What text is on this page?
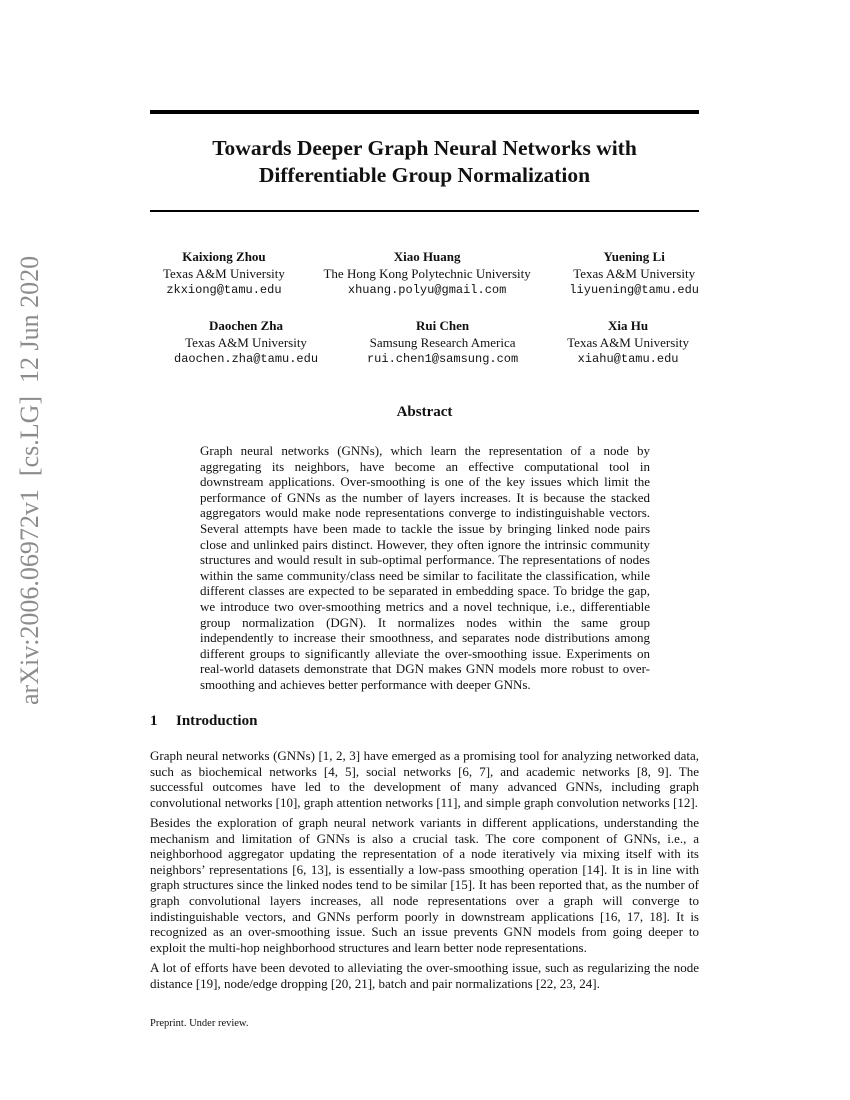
arXiv:2006.06972v1  [cs.LG]  12 Jun 2020
Towards Deeper Graph Neural Networks with
Differentiable Group Normalization
Kaixiong Zhou
Texas A&M University
zkxiong@tamu.edu
Xiao Huang
The Hong Kong Polytechnic University
xhuang.polyu@gmail.com
Yuening Li
Texas A&M University
liyuening@tamu.edu
Daochen Zha
Texas A&M University
daochen.zha@tamu.edu
Rui Chen
Samsung Research America
rui.chen1@samsung.com
Xia Hu
Texas A&M University
xiahu@tamu.edu
Abstract
Graph neural networks (GNNs), which learn the representation of a node by aggregating its neighbors, have become an effective computational tool in downstream applications. Over-smoothing is one of the key issues which limit the performance of GNNs as the number of layers increases. It is because the stacked aggregators would make node representations converge to indistinguishable vectors. Several attempts have been made to tackle the issue by bringing linked node pairs close and unlinked pairs distinct. However, they often ignore the intrinsic community structures and would result in sub-optimal performance. The representations of nodes within the same community/class need be similar to facilitate the classification, while different classes are expected to be separated in embedding space. To bridge the gap, we introduce two over-smoothing metrics and a novel technique, i.e., differentiable group normalization (DGN). It normalizes nodes within the same group independently to increase their smoothness, and separates node distributions among different groups to significantly alleviate the over-smoothing issue. Experiments on real-world datasets demonstrate that DGN makes GNN models more robust to over-smoothing and achieves better performance with deeper GNNs.
1 Introduction

Graph neural networks (GNNs) [1, 2, 3] have emerged as a promising tool for analyzing networked data, such as biochemical networks [4, 5], social networks [6, 7], and academic networks [8, 9]. The successful outcomes have led to the development of many advanced GNNs, including graph convolutional networks [10], graph attention networks [11], and simple graph convolution networks [12].

Besides the exploration of graph neural network variants in different applications, understanding the mechanism and limitation of GNNs is also a crucial task. The core component of GNNs, i.e., a neighborhood aggregator updating the representation of a node iteratively via mixing itself with its neighbors’ representations [6, 13], is essentially a low-pass smoothing operation [14]. It is in line with graph structures since the linked nodes tend to be similar [15]. It has been reported that, as the number of graph convolutional layers increases, all node representations over a graph will converge to indistinguishable vectors, and GNNs perform poorly in downstream applications [16, 17, 18]. It is recognized as an over-smoothing issue. Such an issue prevents GNN models from going deeper to exploit the multi-hop neighborhood structures and learn better node representations.

A lot of efforts have been devoted to alleviating the over-smoothing issue, such as regularizing the node distance [19], node/edge dropping [20, 21], batch and pair normalizations [22, 23, 24].

Preprint. Under review.
